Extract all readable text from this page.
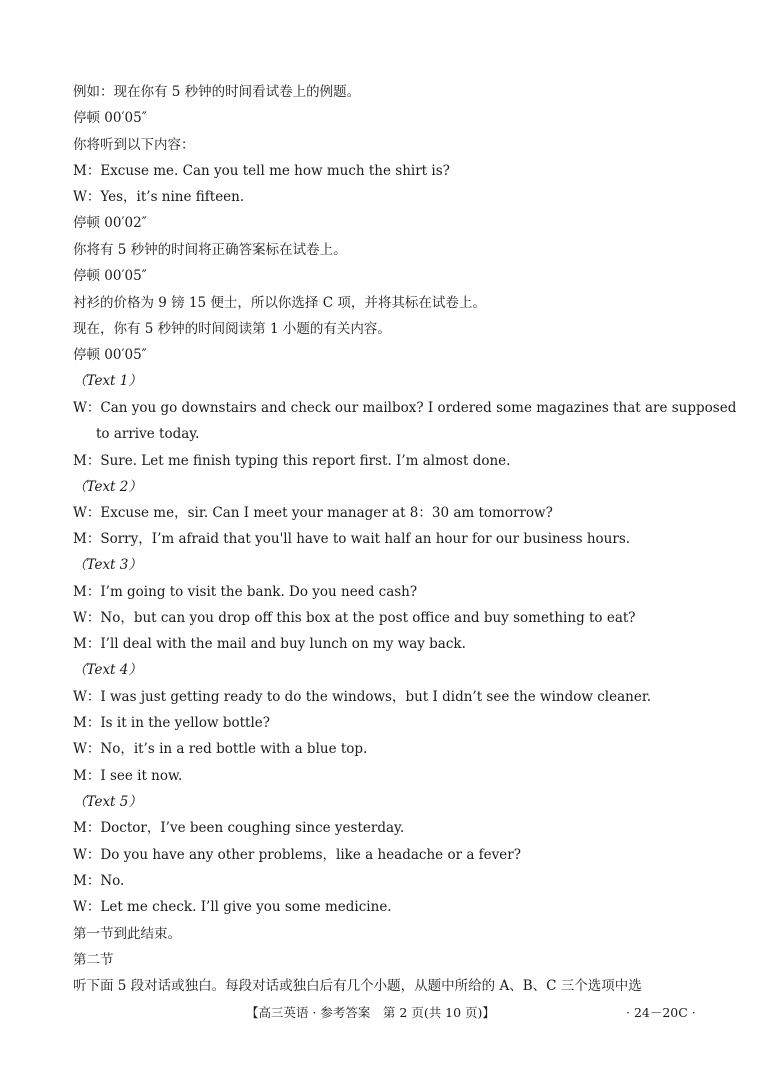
例如：现在你有 5 秒钟的时间看试卷上的例题。
停顿 00′05″
你将听到以下内容：
M：Excuse me. Can you tell me how much the shirt is?
W：Yes，it’s nine fifteen.
停顿 00′02″
你将有 5 秒钟的时间将正确答案标在试卷上。
停顿 00′05″
衬衫的价格为 9 镑 15 便士，所以你选择 C 项，并将其标在试卷上。
现在，你有 5 秒钟的时间阅读第 1 小题的有关内容。
停顿 00′05″
（Text 1）
W：Can you go downstairs and check our mailbox? I ordered some magazines that are supposed
to arrive today.
M：Sure. Let me finish typing this report first. I’m almost done.
（Text 2）
W：Excuse me，sir. Can I meet your manager at 8：30 am tomorrow?
M：Sorry，I’m afraid that you'll have to wait half an hour for our business hours.
（Text 3）
M：I’m going to visit the bank. Do you need cash?
W：No，but can you drop off this box at the post office and buy something to eat?
M：I’ll deal with the mail and buy lunch on my way back.
（Text 4）
W：I was just getting ready to do the windows，but I didn’t see the window cleaner.
M：Is it in the yellow bottle?
W：No，it’s in a red bottle with a blue top.
M：I see it now.
（Text 5）
M：Doctor，I’ve been coughing since yesterday.
W：Do you have any other problems，like a headache or a fever?
M：No.
W：Let me check. I’ll give you some medicine.
第一节到此结束。
第二节
听下面 5 段对话或独白。每段对话或独白后有几个小题，从题中所给的 A、B、C 三个选项中选
【高三英语 · 参考答案　第 2 页(共 10 页)】	· 24－20C ·
